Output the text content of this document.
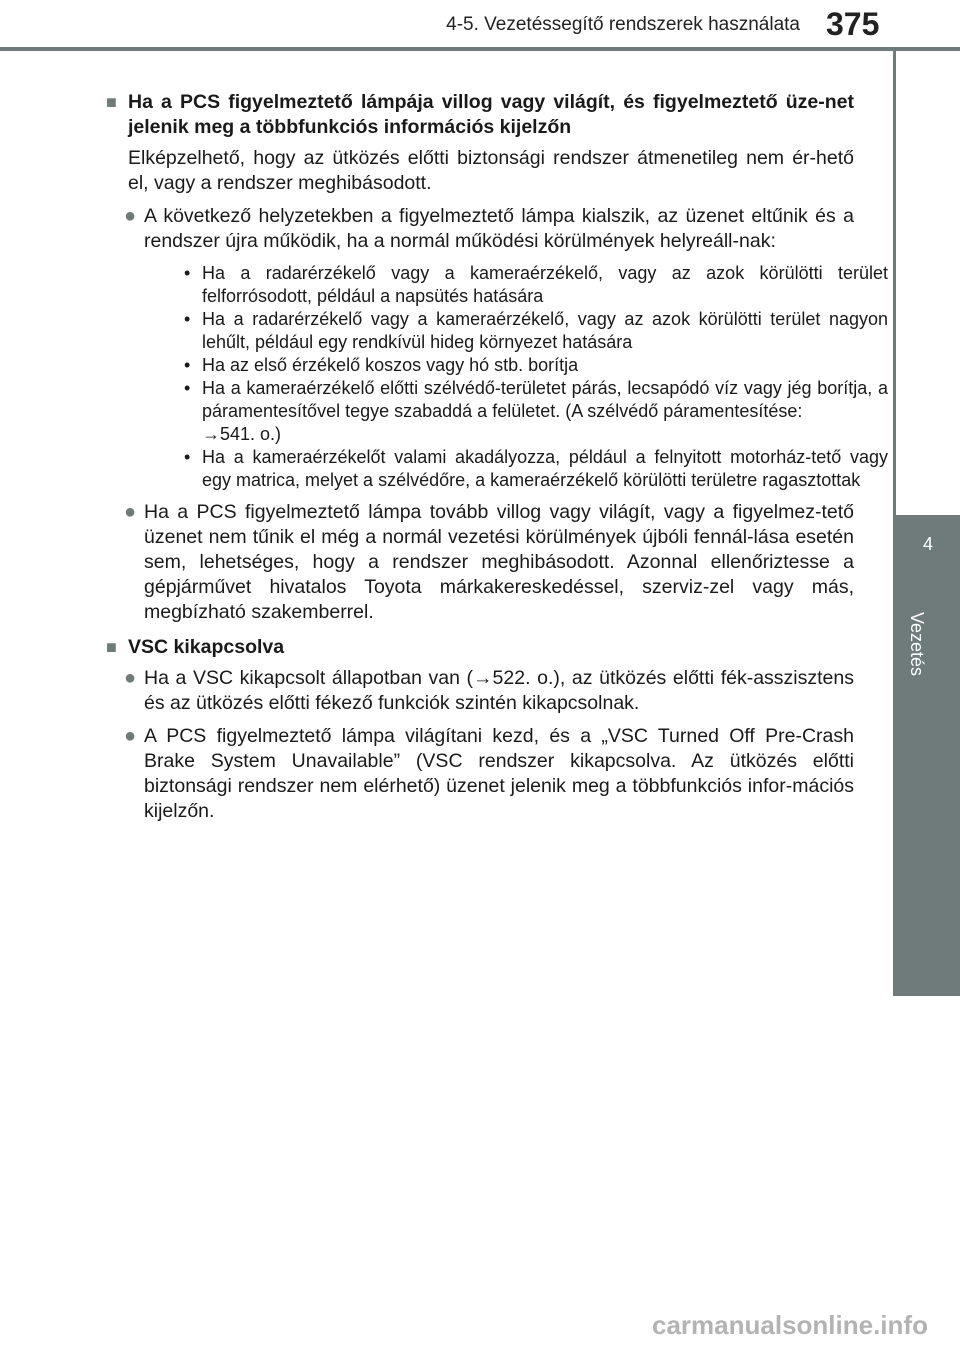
4-5. Vezetéssegítő rendszerek használata 375
4
Vezetés
■ Ha a PCS figyelmeztető lámpája villog vagy világít, és figyelmeztető üze-net jelenik meg a többfunkciós információs kijelzőn
Elképzelhető, hogy az ütközés előtti biztonsági rendszer átmenetileg nem ér-hető el, vagy a rendszer meghibásodott.
● A következő helyzetekben a figyelmeztető lámpa kialszik, az üzenet eltűnik és a rendszer újra működik, ha a normál működési körülmények helyreáll-nak:
• Ha a radarérzékelő vagy a kameraérzékelő, vagy az azok körülötti terület felforrósodott, például a napsütés hatására
• Ha a radarérzékelő vagy a kameraérzékelő, vagy az azok körülötti terület nagyon lehűlt, például egy rendkívül hideg környezet hatására
• Ha az első érzékelő koszos vagy hó stb. borítja
• Ha a kameraérzékelő előtti szélvédő-területet párás, lecsapódó víz vagy jég borítja, a páramentesítővel tegye szabaddá a felületet. (A szélvédő páramentesítése:
→541. o.)
• Ha a kameraérzékelőt valami akadályozza, például a felnyitott motorház-tető vagy egy matrica, melyet a szélvédőre, a kameraérzékelő körülötti területre ragasztottak
● Ha a PCS figyelmeztető lámpa tovább villog vagy világít, vagy a figyelmez-tető üzenet nem tűnik el még a normál vezetési körülmények újbóli fennál-lása esetén sem, lehetséges, hogy a rendszer meghibásodott. Azonnal ellenőriztesse a gépjárművet hivatalos Toyota márkakereskedéssel, szerviz-zel vagy más, megbízható szakemberrel.
■ VSC kikapcsolva
● Ha a VSC kikapcsolt állapotban van (→522. o.), az ütközés előtti fék-asszisztens és az ütközés előtti fékező funkciók szintén kikapcsolnak.
● A PCS figyelmeztető lámpa világítani kezd, és a „VSC Turned Off Pre-Crash Brake System Unavailable” (VSC rendszer kikapcsolva. Az ütközés előtti biztonsági rendszer nem elérhető) üzenet jelenik meg a többfunkciós infor-mációs kijelzőn.
carmanualsonline.info
